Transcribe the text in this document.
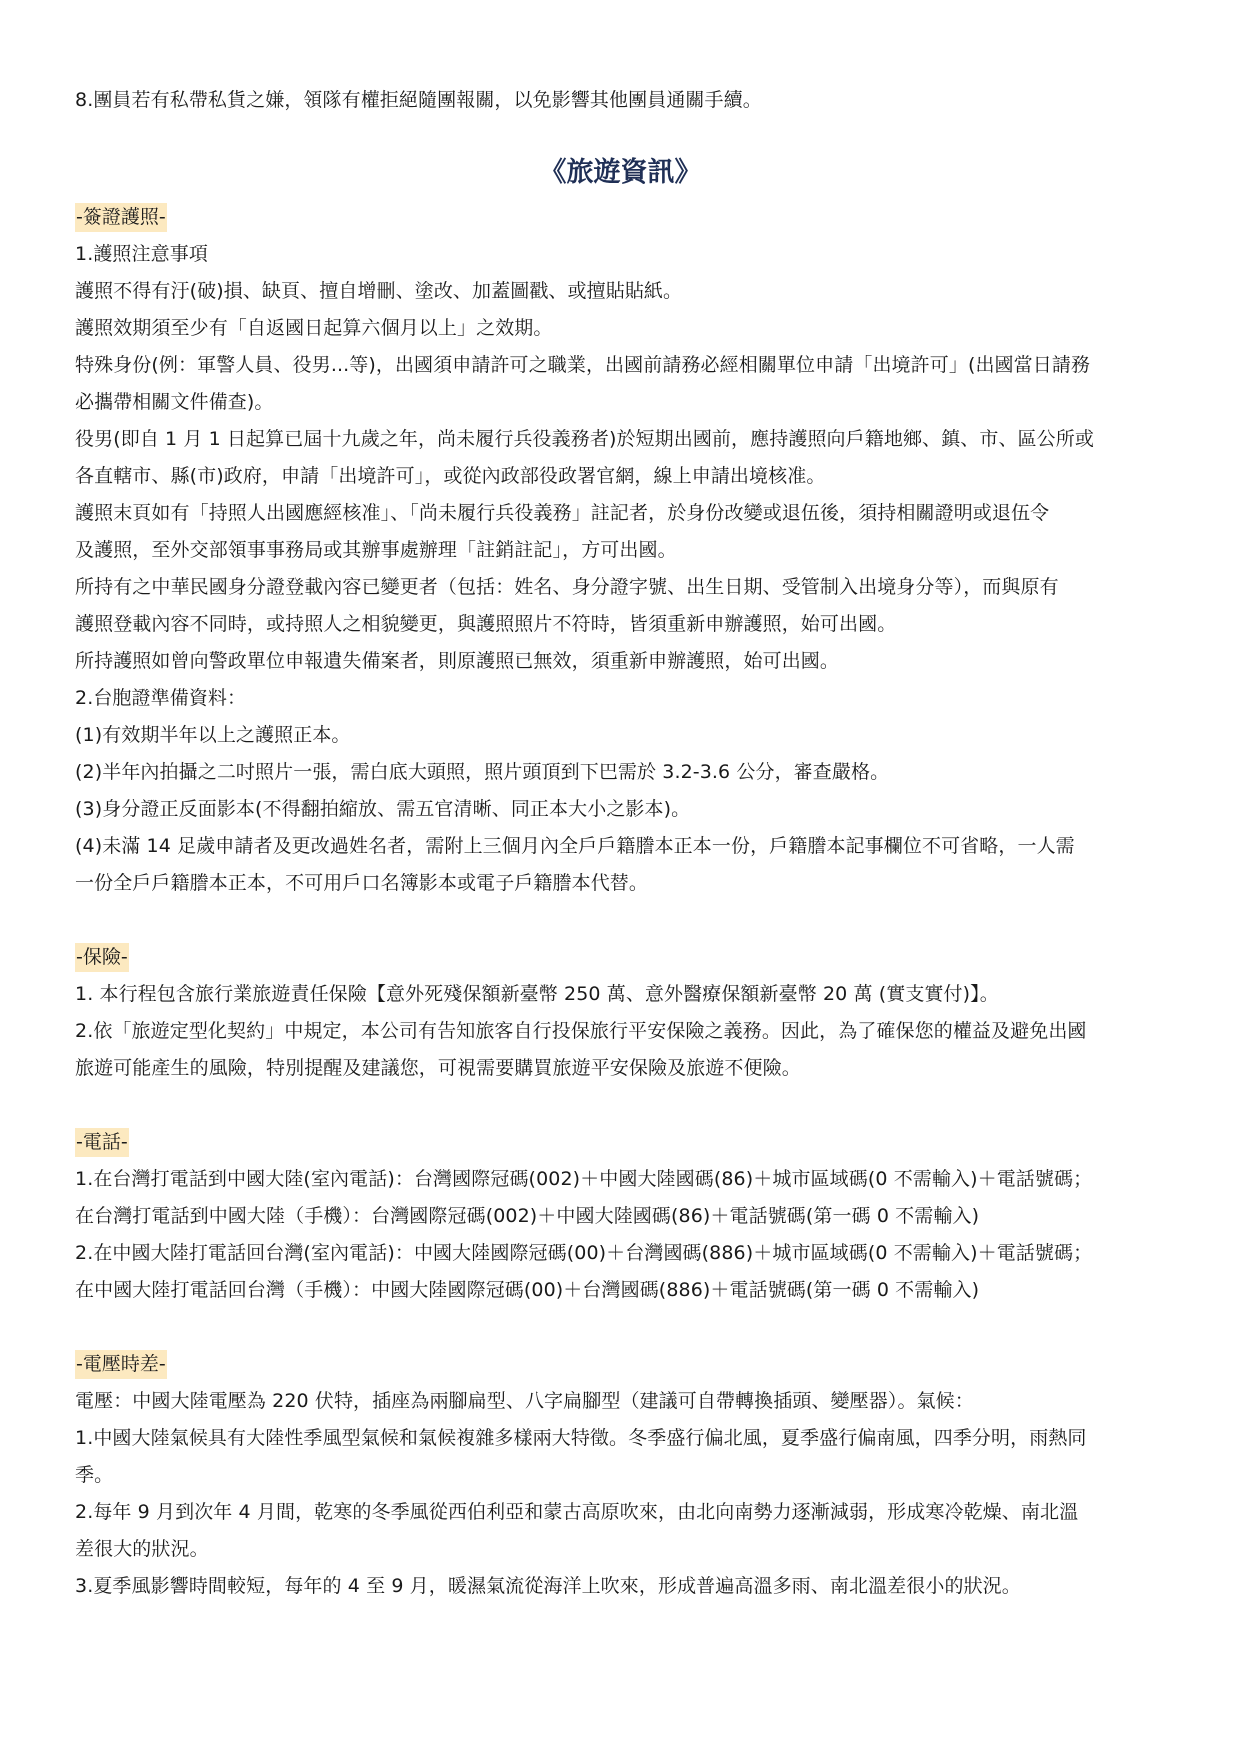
8.團員若有私帶私貨之嫌，領隊有權拒絕隨團報關，以免影響其他團員通關手續。
《旅遊資訊》
-簽證護照-
1.護照注意事項
護照不得有汙(破)損、缺頁、擅自增刪、塗改、加蓋圖戳、或擅貼貼紙。
護照效期須至少有「自返國日起算六個月以上」之效期。
特殊身份(例：軍警人員、役男...等)，出國須申請許可之職業，出國前請務必經相關單位申請「出境許可」(出國當日請務
必攜帶相關文件備查)。
役男(即自 1 月 1 日起算已屆十九歲之年，尚未履行兵役義務者)於短期出國前，應持護照向戶籍地鄉、鎮、市、區公所或
各直轄市、縣(市)政府，申請「出境許可」，或從內政部役政署官網，線上申請出境核准。
護照末頁如有「持照人出國應經核准」、「尚未履行兵役義務」註記者，於身份改變或退伍後，須持相關證明或退伍令
及護照，至外交部領事事務局或其辦事處辦理「註銷註記」，方可出國。
所持有之中華民國身分證登載內容已變更者（包括：姓名、身分證字號、出生日期、受管制入出境身分等），而與原有
護照登載內容不同時，或持照人之相貌變更，與護照照片不符時，皆須重新申辦護照，始可出國。
所持護照如曾向警政單位申報遺失備案者，則原護照已無效，須重新申辦護照，始可出國。
2.台胞證準備資料：
(1)有效期半年以上之護照正本。
(2)半年內拍攝之二吋照片一張，需白底大頭照，照片頭頂到下巴需於 3.2-3.6 公分，審查嚴格。
(3)身分證正反面影本(不得翻拍縮放、需五官清晰、同正本大小之影本)。
(4)未滿 14 足歲申請者及更改過姓名者，需附上三個月內全戶戶籍謄本正本一份，戶籍謄本記事欄位不可省略，一人需
一份全戶戶籍謄本正本，不可用戶口名簿影本或電子戶籍謄本代替。
-保險-
1. 本行程包含旅行業旅遊責任保險【意外死殘保額新臺幣 250 萬、意外醫療保額新臺幣 20 萬 (實支實付)】。
2.依「旅遊定型化契約」中規定，本公司有告知旅客自行投保旅行平安保險之義務。因此，為了確保您的權益及避免出國
旅遊可能產生的風險，特別提醒及建議您，可視需要購買旅遊平安保險及旅遊不便險。
-電話-
1.在台灣打電話到中國大陸(室內電話)：台灣國際冠碼(002)＋中國大陸國碼(86)＋城市區域碼(0 不需輸入)＋電話號碼；
在台灣打電話到中國大陸（手機）：台灣國際冠碼(002)＋中國大陸國碼(86)＋電話號碼(第一碼 0 不需輸入)
2.在中國大陸打電話回台灣(室內電話)：中國大陸國際冠碼(00)＋台灣國碼(886)＋城市區域碼(0 不需輸入)＋電話號碼；
在中國大陸打電話回台灣（手機）：中國大陸國際冠碼(00)＋台灣國碼(886)＋電話號碼(第一碼 0 不需輸入)
-電壓時差-
電壓：中國大陸電壓為 220 伏特，插座為兩腳扁型、八字扁腳型（建議可自帶轉換插頭、變壓器）。氣候：
1.中國大陸氣候具有大陸性季風型氣候和氣候複雜多樣兩大特徵。冬季盛行偏北風，夏季盛行偏南風，四季分明，雨熱同
季。
2.每年 9 月到次年 4 月間，乾寒的冬季風從西伯利亞和蒙古高原吹來，由北向南勢力逐漸減弱，形成寒冷乾燥、南北溫
差很大的狀況。
3.夏季風影響時間較短，每年的 4 至 9 月，暖濕氣流從海洋上吹來，形成普遍高溫多雨、南北溫差很小的狀況。
